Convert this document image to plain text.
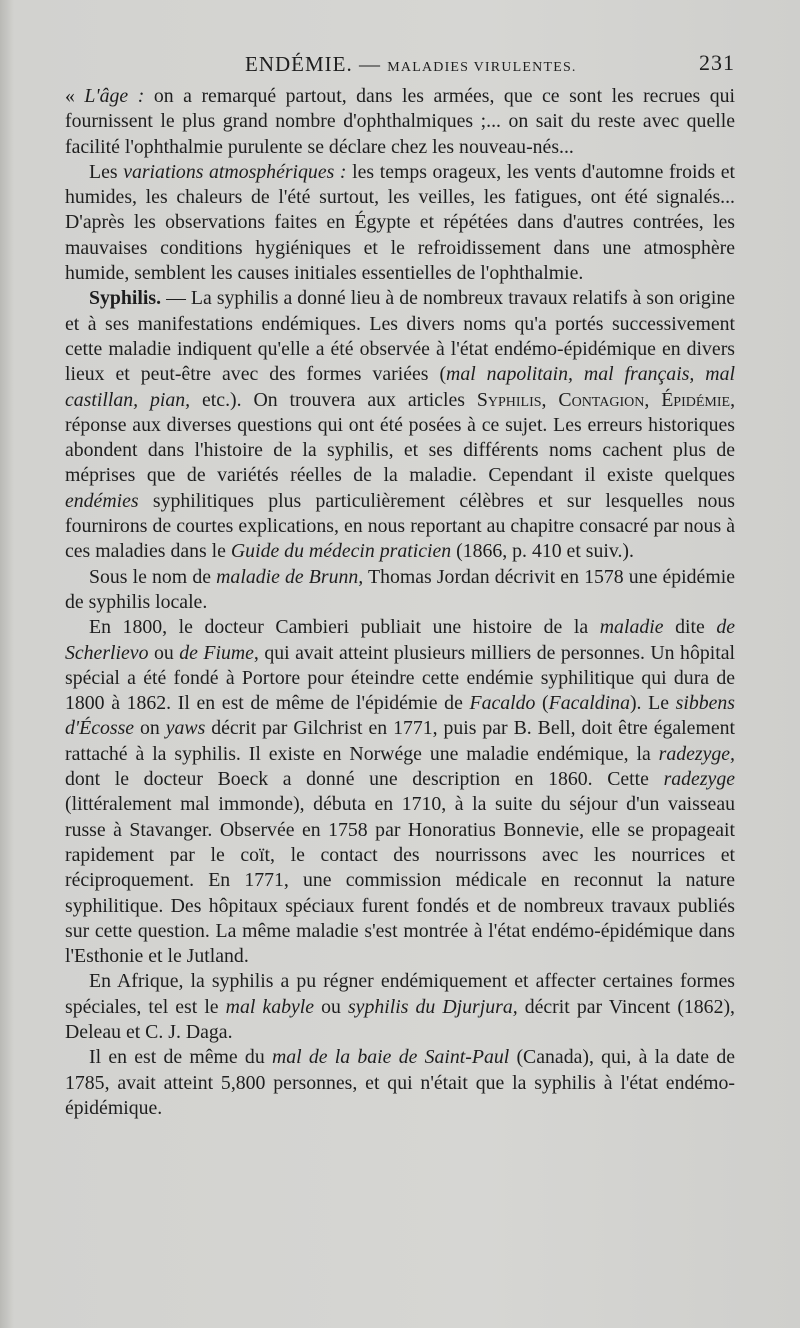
ENDÉMIE. — MALADIES VIRULENTES.	231

« L'âge : on a remarqué partout, dans les armées, que ce sont les recrues qui fournissent le plus grand nombre d'ophthalmiques ;... on sait du reste avec quelle facilité l'ophthalmie purulente se déclare chez les nouveau-nés...

Les variations atmosphériques : les temps orageux, les vents d'automne froids et humides, les chaleurs de l'été surtout, les veilles, les fatigues, ont été signalés... D'après les observations faites en Égypte et répétées dans d'autres contrées, les mauvaises conditions hygiéniques et le refroidissement dans une atmosphère humide, semblent les causes initiales essentielles de l'ophthalmie.

Syphilis. — La syphilis a donné lieu à de nombreux travaux relatifs à son origine et à ses manifestations endémiques. Les divers noms qu'a portés successivement cette maladie indiquent qu'elle a été observée à l'état endémo-épidémique en divers lieux et peut-être avec des formes variées (mal napolitain, mal français, mal castillan, pian, etc.). On trouvera aux articles Syphilis, Contagion, Épidémie, réponse aux diverses questions qui ont été posées à ce sujet. Les erreurs historiques abondent dans l'histoire de la syphilis, et ses différents noms cachent plus de méprises que de variétés réelles de la maladie. Cependant il existe quelques endémies syphilitiques plus particulièrement célèbres et sur lesquelles nous fournirons de courtes explications, en nous reportant au chapitre consacré par nous à ces maladies dans le Guide du médecin praticien (1866, p. 410 et suiv.).

Sous le nom de maladie de Brunn, Thomas Jordan décrivit en 1578 une épidémie de syphilis locale.

En 1800, le docteur Cambieri publiait une histoire de la maladie dite de Scherlievo ou de Fiume, qui avait atteint plusieurs milliers de personnes. Un hôpital spécial a été fondé à Portore pour éteindre cette endémie syphilitique qui dura de 1800 à 1862. Il en est de même de l'épidémie de Facaldo (Facaldina). Le sibbens d'Écosse on yaws décrit par Gilchrist en 1771, puis par B. Bell, doit être également rattaché à la syphilis. Il existe en Norwége une maladie endémique, la radezyge, dont le docteur Boeck a donné une description en 1860. Cette radezyge (littéralement mal immonde), débuta en 1710, à la suite du séjour d'un vaisseau russe à Stavanger. Observée en 1758 par Honoratius Bonnevie, elle se propageait rapidement par le coït, le contact des nourrissons avec les nourrices et réciproquement. En 1771, une commission médicale en reconnut la nature syphilitique. Des hôpitaux spéciaux furent fondés et de nombreux travaux publiés sur cette question. La même maladie s'est montrée à l'état endémo-épidémique dans l'Esthonie et le Jutland.

En Afrique, la syphilis a pu régner endémiquement et affecter certaines formes spéciales, tel est le mal kabyle ou syphilis du Djurjura, décrit par Vincent (1862), Deleau et C. J. Daga.

Il en est de même du mal de la baie de Saint-Paul (Canada), qui, à la date de 1785, avait atteint 5,800 personnes, et qui n'était que la syphilis à l'état endémo-épidémique.
